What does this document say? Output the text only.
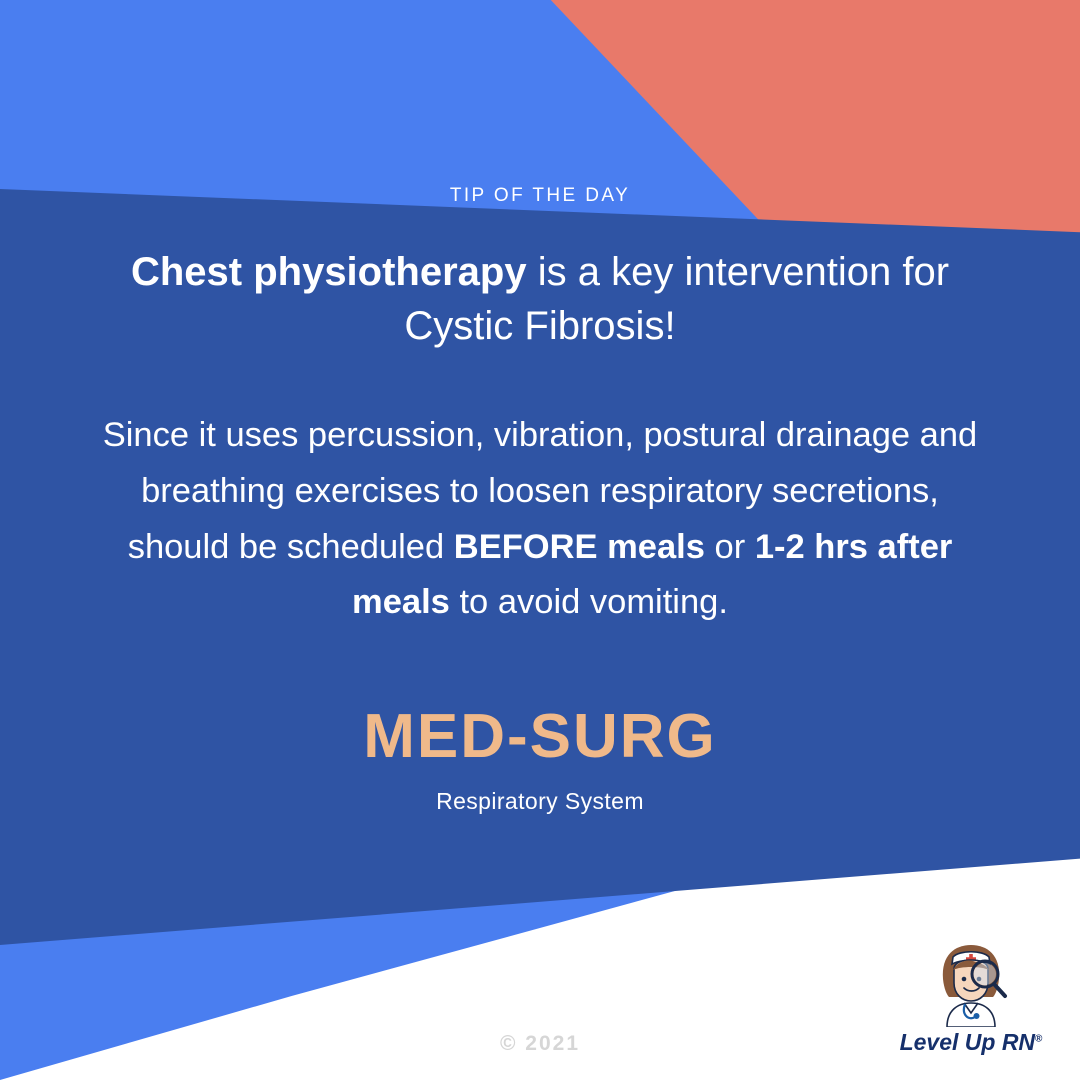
TIP OF THE DAY
Chest physiotherapy is a key intervention for Cystic Fibrosis!
Since it uses percussion, vibration, postural drainage and breathing exercises to loosen respiratory secretions, should be scheduled BEFORE meals or 1-2 hrs after meals to avoid vomiting.
MED-SURG
Respiratory System
© 2021	Level Up RN®
